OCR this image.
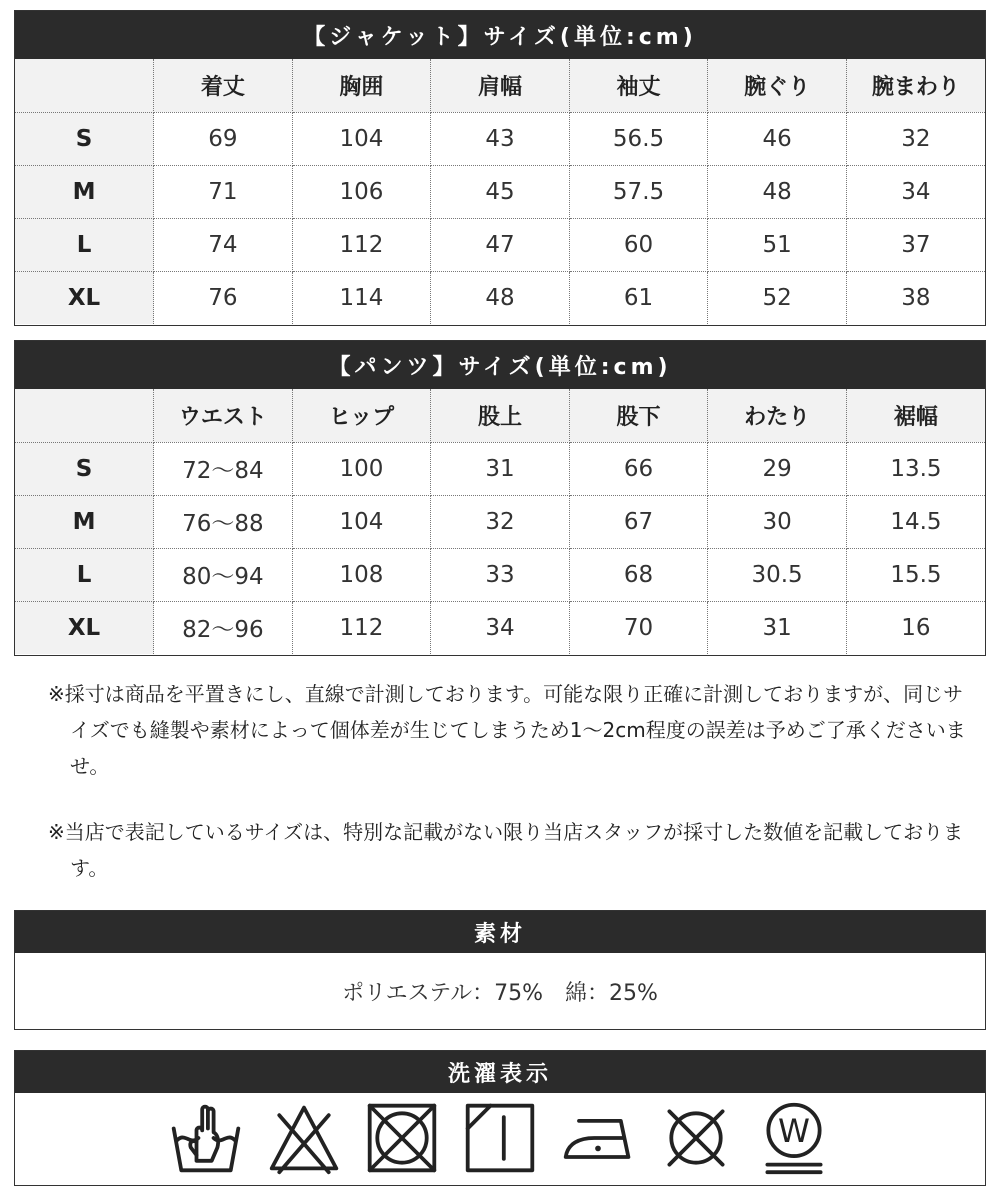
【ジャケット】サイズ(単位:cm)
	着丈	胸囲	肩幅	袖丈	腕ぐり	腕まわり
S	69	104	43	56.5	46	32
M	71	106	45	57.5	48	34
L	74	112	47	60	51	37
XL	76	114	48	61	52	38
【パンツ】サイズ(単位:cm)
	ウエスト	ヒップ	股上	股下	わたり	裾幅
S	72〜84	100	31	66	29	13.5
M	76〜88	104	32	67	30	14.5
L	80〜94	108	33	68	30.5	15.5
XL	82〜96	112	34	70	31	16

※採寸は商品を平置きにし、直線で計測しております。可能な限り正確に計測しておりますが、同じサイズでも縫製や素材によって個体差が生じてしまうため1〜2cm程度の誤差は予めご了承くださいませ。

※当店で表記しているサイズは、特別な記載がない限り当店スタッフが採寸した数値を記載しております。

素材
ポリエステル：75%　綿：25%
洗濯表示
W
